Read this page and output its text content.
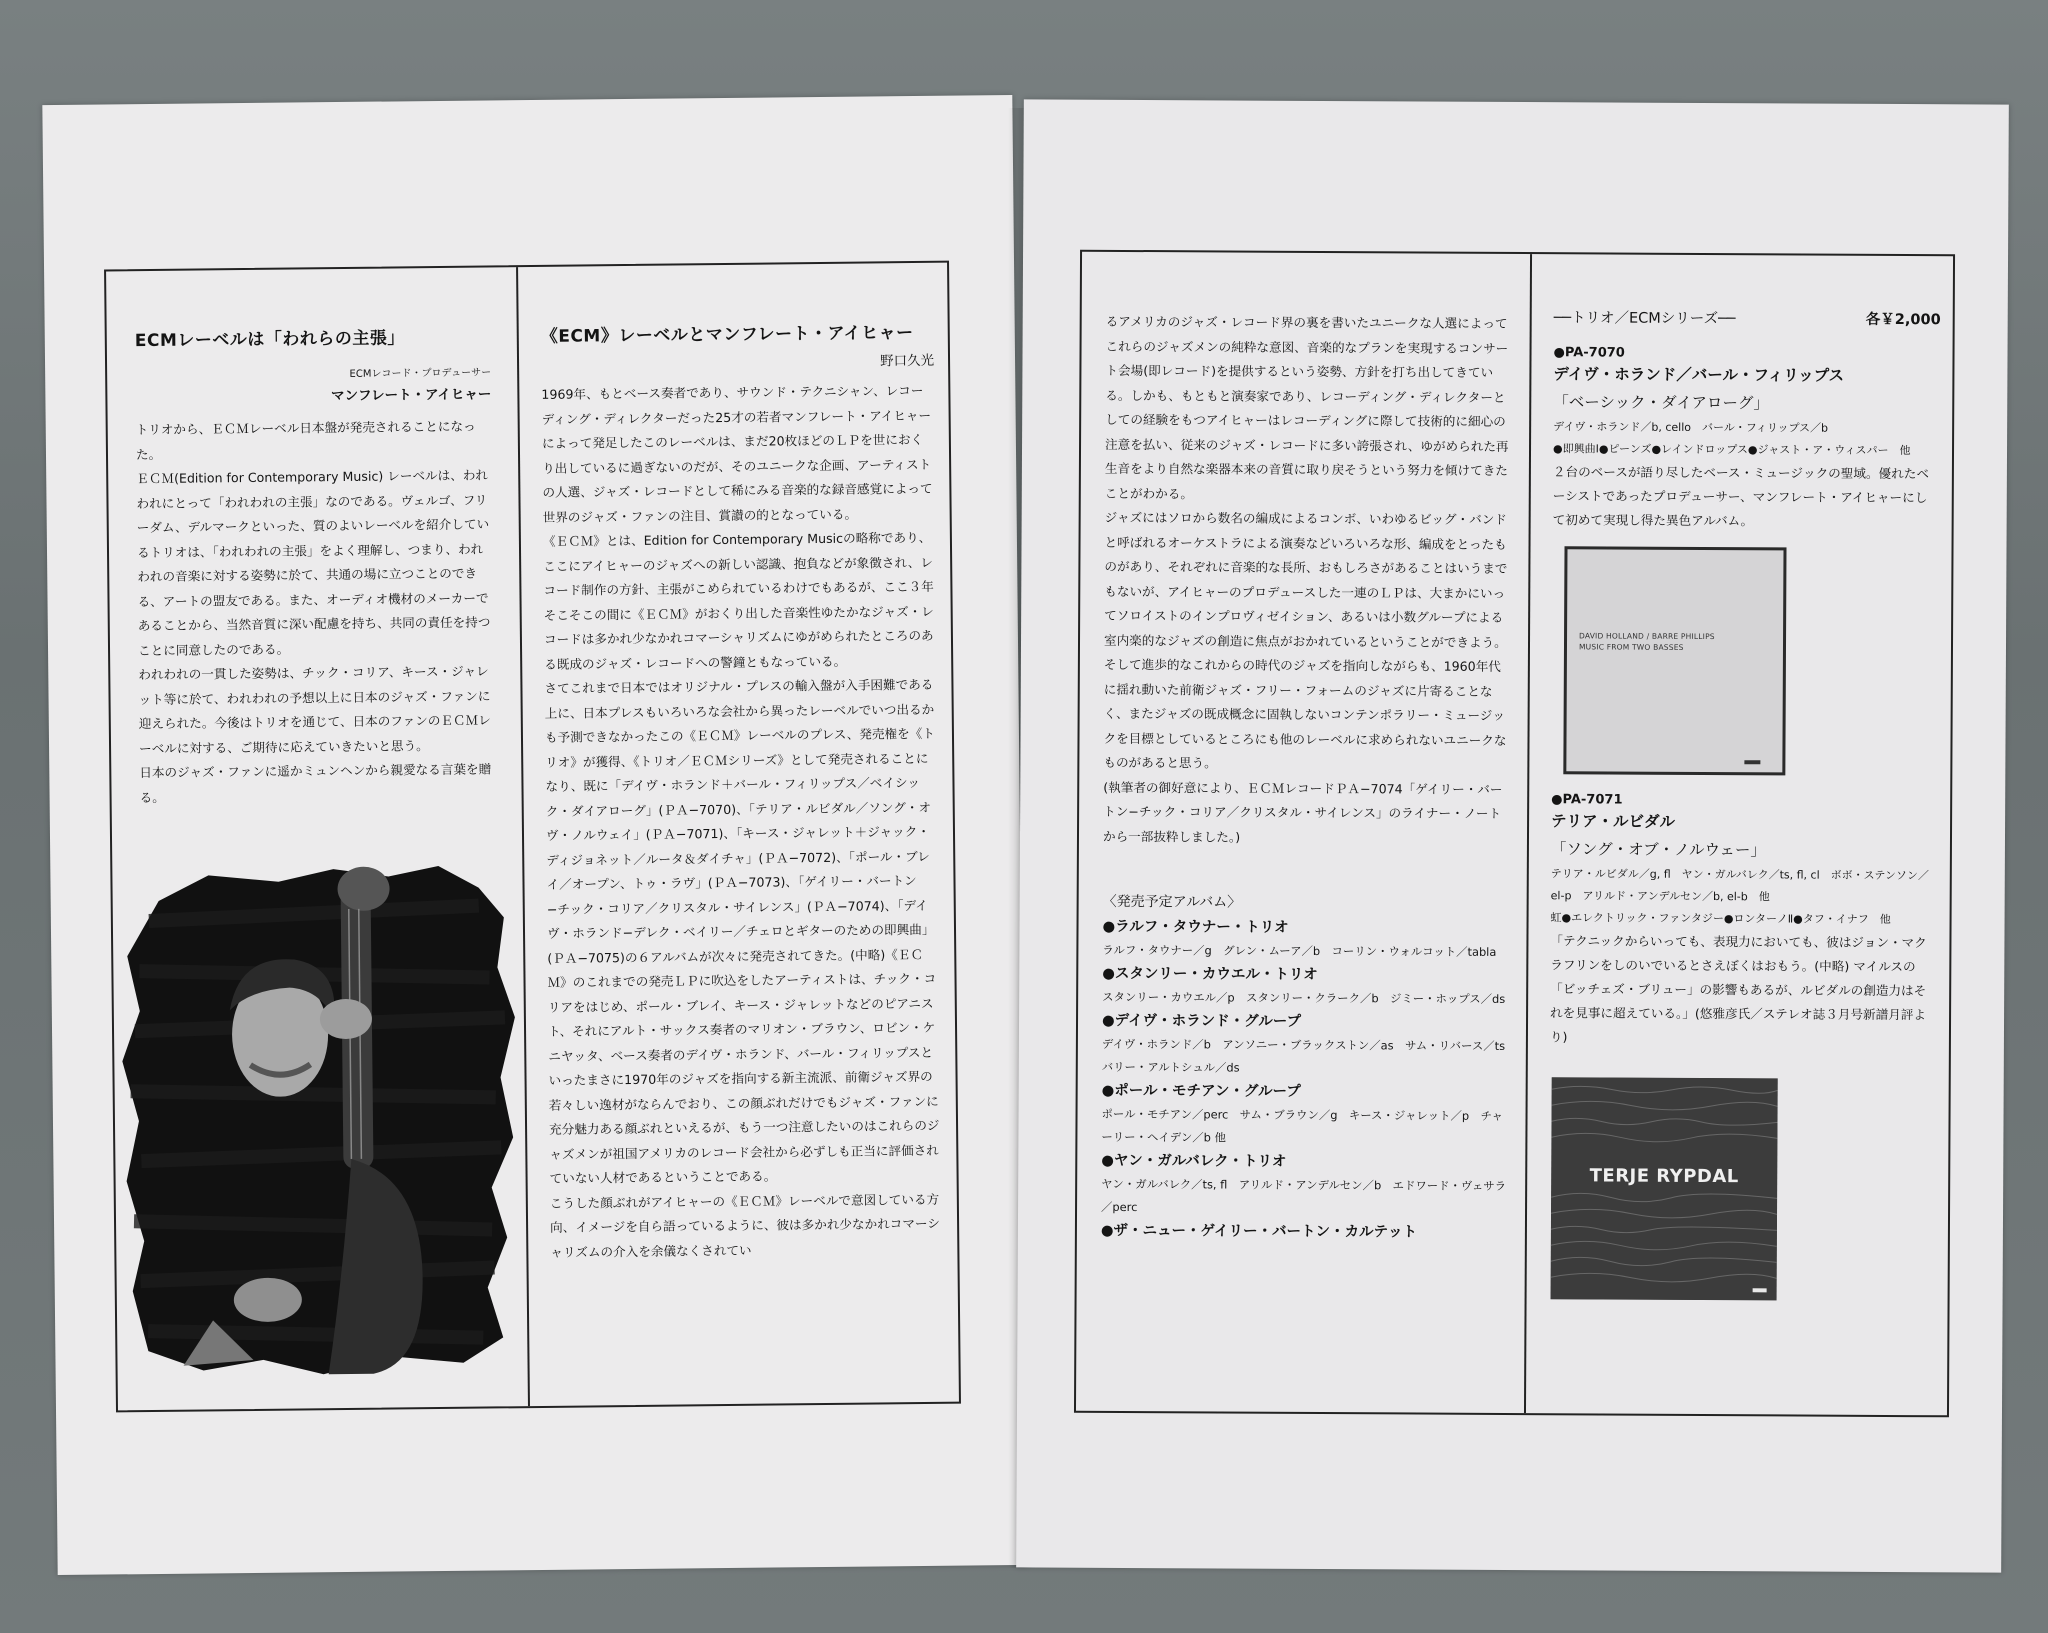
ECMレーベルは「われらの主張」
ECMレコード・プロデューサー
マンフレート・アイヒャー

トリオから、ＥＣＭレーベル日本盤が発売されることになった。

ＥＣＭ(Edition for Contemporary Music) レーベルは、われわれにとって「われわれの主張」なのである。ヴェルゴ、フリーダム、デルマークといった、質のよいレーベルを紹介しているトリオは、「われわれの主張」をよく理解し、つまり、われわれの音楽に対する姿勢に於て、共通の場に立つことのできる、アートの盟友である。また、オーディオ機材のメーカーであることから、当然音質に深い配慮を持ち、共同の責任を持つことに同意したのである。

われわれの一貫した姿勢は、チック・コリア、キース・ジャレット等に於て、われわれの予想以上に日本のジャズ・ファンに迎えられた。今後はトリオを通じて、日本のファンのＥＣＭレーベルに対する、ご期待に応えていきたいと思う。

日本のジャズ・ファンに遥かミュンヘンから親愛なる言葉を贈る。

《ECM》レーベルとマンフレート・アイヒャー
野口久光

1969年、もとベース奏者であり、サウンド・テクニシャン、レコーディング・ディレクターだった25才の若者マンフレート・アイヒャーによって発足したこのレーベルは、まだ20枚ほどのＬＰを世におくり出しているに過ぎないのだが、そのユニークな企画、アーティストの人選、ジャズ・レコードとして稀にみる音楽的な録音感覚によって世界のジャズ・ファンの注目、賞讃の的となっている。

《ＥＣＭ》とは、Edition for Contemporary Musicの略称であり、ここにアイヒャーのジャズへの新しい認識、抱負などが象徴され、レコード制作の方針、主張がこめられているわけでもあるが、ここ３年そこそこの間に《ＥＣＭ》がおくり出した音楽性ゆたかなジャズ・レコードは多かれ少なかれコマーシャリズムにゆがめられたところのある既成のジャズ・レコードへの警鐘ともなっている。

さてこれまで日本ではオリジナル・プレスの輸入盤が入手困難である上に、日本プレスもいろいろな会社から異ったレーベルでいつ出るかも予測できなかったこの《ＥＣＭ》レーベルのプレス、発売権を《トリオ》が獲得、《トリオ／ＥＣＭシリーズ》として発売されることになり、既に「デイヴ・ホランド＋バール・フィリップス／ベイシック・ダイアローグ」(ＰＡ−7070)、「テリア・ルビダル／ソング・オヴ・ノルウェイ」(ＰＡ−7071)、「キース・ジャレット＋ジャック・ディジョネット／ルータ＆ダイチャ」(ＰＡ−7072)、「ポール・ブレイ／オープン、トゥ・ラヴ」(ＰＡ−7073)、「ゲイリー・バートン−チック・コリア／クリスタル・サイレンス」(ＰＡ−7074)、「デイヴ・ホランド−デレク・ベイリー／チェロとギターのための即興曲」(ＰＡ−7075)の６アルバムが次々に発売されてきた。(中略)《ＥＣＭ》のこれまでの発売ＬＰに吹込をしたアーティストは、チック・コリアをはじめ、ポール・ブレイ、キース・ジャレットなどのピアニスト、それにアルト・サックス奏者のマリオン・ブラウン、ロビン・ケニヤッタ、ベース奏者のデイヴ・ホランド、バール・フィリップスといったまさに1970年のジャズを指向する新主流派、前衛ジャズ界の若々しい逸材がならんでおり、この顔ぶれだけでもジャズ・ファンに充分魅力ある顔ぶれといえるが、もう一つ注意したいのはこれらのジャズメンが祖国アメリカのレコード会社から必ずしも正当に評価されていない人材であるということである。

こうした顔ぶれがアイヒャーの《ＥＣＭ》レーベルで意図している方向、イメージを自ら語っているように、彼は多かれ少なかれコマーシャリズムの介入を余儀なくされてい

るアメリカのジャズ・レコード界の裏を書いたユニークな人選によってこれらのジャズメンの純粋な意図、音楽的なプランを実現するコンサート会場(即レコード)を提供するという姿勢、方針を打ち出してきている。しかも、もともと演奏家であり、レコーディング・ディレクターとしての経験をもつアイヒャーはレコーディングに際して技術的に細心の注意を払い、従来のジャズ・レコードに多い誇張され、ゆがめられた再生音をより自然な楽器本来の音質に取り戻そうという努力を傾けてきたことがわかる。

ジャズにはソロから数名の編成によるコンボ、いわゆるビッグ・バンドと呼ばれるオーケストラによる演奏などいろいろな形、編成をとったものがあり、それぞれに音楽的な長所、おもしろさがあることはいうまでもないが、アイヒャーのプロデュースした一連のＬＰは、大まかにいってソロイストのインプロヴィゼイション、あるいは小数グループによる室内楽的なジャズの創造に焦点がおかれているということができよう。そして進歩的なこれからの時代のジャズを指向しながらも、1960年代に揺れ動いた前衛ジャズ・フリー・フォームのジャズに片寄ることなく、またジャズの既成概念に固執しないコンテンポラリー・ミュージックを目標としているところにも他のレーベルに求められないユニークなものがあると思う。

(執筆者の御好意により、ＥＣＭレコードＰＡ−7074「ゲイリー・バートン−チック・コリア／クリスタル・サイレンス」のライナー・ノートから一部抜粋しました。)

〈発売予定アルバム〉
●ラルフ・タウナー・トリオ
ラルフ・タウナー／g　グレン・ムーア／b　コーリン・ウォルコット／tabla
●スタンリー・カウエル・トリオ
スタンリー・カウエル／p　スタンリー・クラーク／b　ジミー・ホップス／ds
●デイヴ・ホランド・グループ
デイヴ・ホランド／b　アンソニー・ブラックストン／as　サム・リバース／ts　バリー・アルトシュル／ds
●ポール・モチアン・グループ
ポール・モチアン／perc　サム・ブラウン／g　キース・ジャレット／p　チャーリー・ヘイデン／b 他
●ヤン・ガルバレク・トリオ
ヤン・ガルバレク／ts, fl　アリルド・アンデルセン／b　エドワード・ヴェサラ／perc
●ザ・ニュー・ゲイリー・バートン・カルテット
──トリオ／ECMシリーズ──	各￥2,000
●PA-7070
デイヴ・ホランド／バール・フィリップス
「ベーシック・ダイアローグ」
デイヴ・ホランド／b, cello　バール・フィリップス／b
●即興曲Ⅰ●ピーンズ●レインドロップス●ジャスト・ア・ウィスパー　他
２台のベースが語り尽したベース・ミュージックの聖域。優れたベーシストであったプロデューサー、マンフレート・アイヒャーにして初めて実現し得た異色アルバム。
DAVID HOLLAND / BARRE PHILLIPS
MUSIC FROM TWO BASSES
●PA-7071
テリア・ルビダル
「ソング・オブ・ノルウェー」
テリア・ルビダル／g, fl　ヤン・ガルバレク／ts, fl, cl　ボボ・ステンソン／el-p　アリルド・アンデルセン／b, el-b　他
虹●エレクトリック・ファンタジー●ロンターノⅡ●タフ・イナフ　他
「テクニックからいっても、表現力においても、彼はジョン・マクラフリンをしのいでいるとさえぼくはおもう。(中略) マイルスの「ビッチェズ・ブリュー」の影響もあるが、ルビダルの創造力はそれを見事に超えている。」(悠雅彦氏／ステレオ誌３月号新譜月評より)
TERJE RYPDAL
